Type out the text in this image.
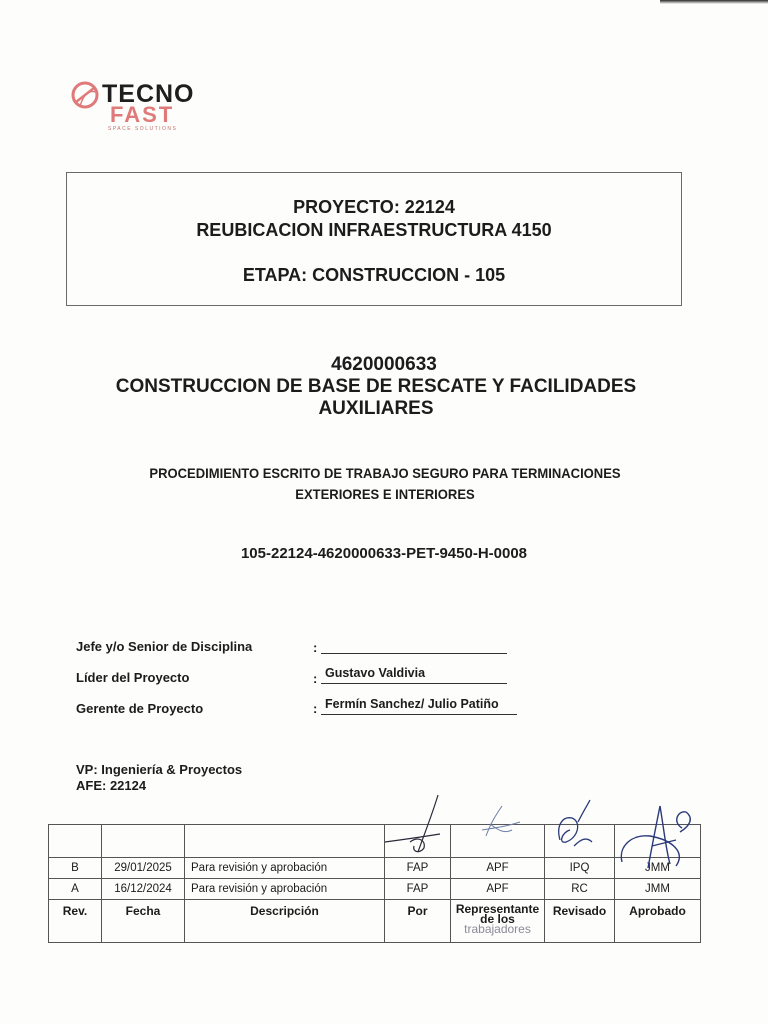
TECNO
FAST
SPACE SOLUTIONS
PROYECTO: 22124
REUBICACION INFRAESTRUCTURA 4150
ETAPA: CONSTRUCCION - 105
4620000633
CONSTRUCCION DE BASE DE RESCATE Y FACILIDADES AUXILIARES
PROCEDIMIENTO ESCRITO DE TRABAJO SEGURO PARA TERMINACIONES EXTERIORES E INTERIORES
105-22124-4620000633-PET-9450-H-0008
Jefe y/o Senior de Disciplina	:
Líder del Proyecto	: Gustavo Valdivia
Gerente de Proyecto	: Fermín Sanchez/ Julio Patiño
VP: Ingeniería & Proyectos
AFE: 22124

B	29/01/2025	Para revisión y aprobación	FAP	APF	IPQ	JMM
A	16/12/2024	Para revisión y aprobación	FAP	APF	RC	JMM
Rev.	Fecha	Descripción	Por	Representante
de los
trabajadores	Revisado	Aprobado
